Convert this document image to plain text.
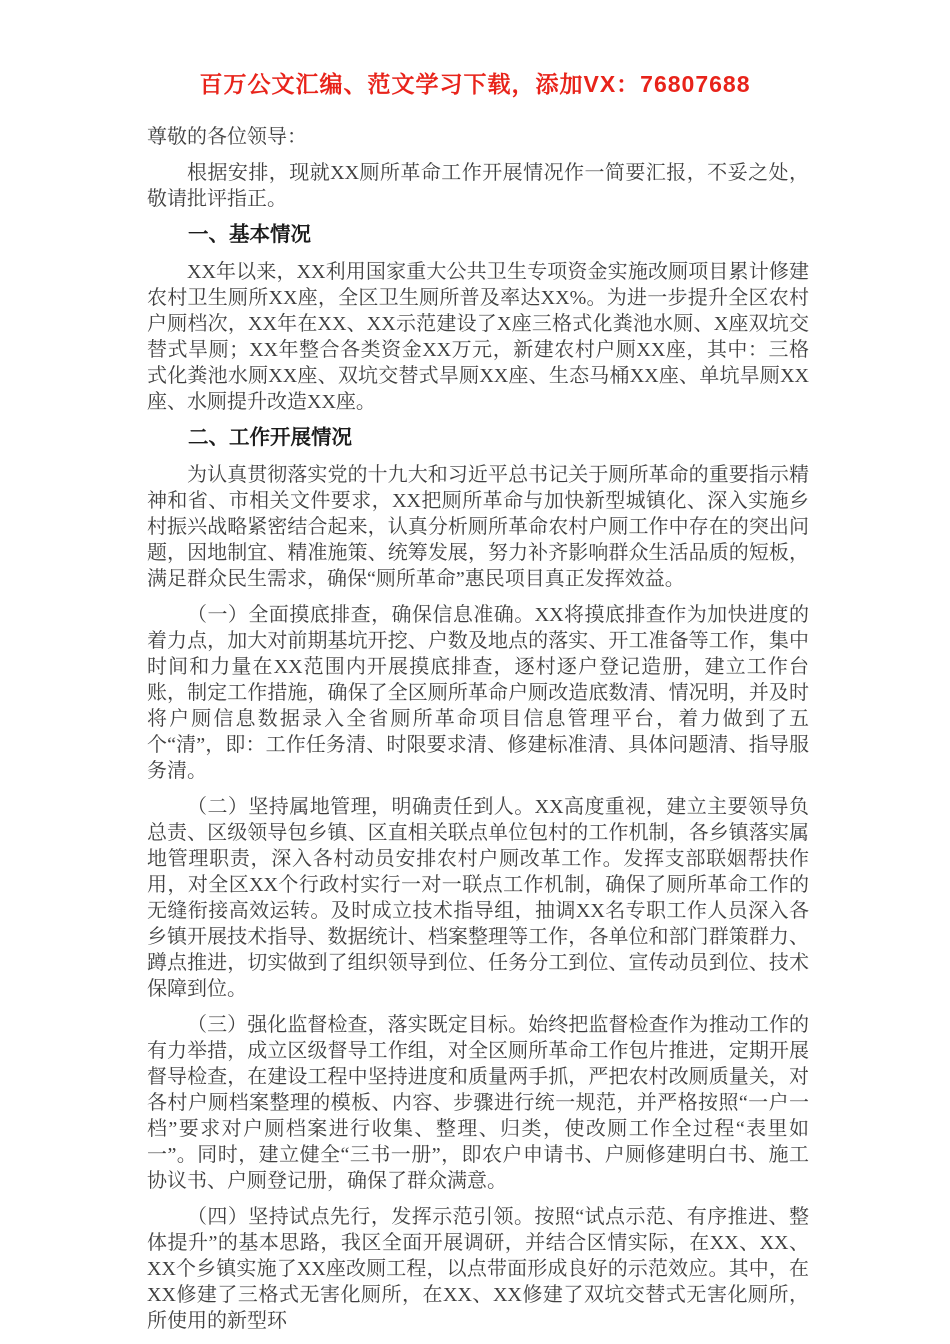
百万公文汇编、范文学习下载，添加VX：76807688

尊敬的各位领导：

根据安排，现就XX厕所革命工作开展情况作一简要汇报，不妥之处，敬请批评指正。

一、基本情况

XX年以来，XX利用国家重大公共卫生专项资金实施改厕项目累计修建农村卫生厕所XX座，全区卫生厕所普及率达XX%。为进一步提升全区农村户厕档次，XX年在XX、XX示范建设了X座三格式化粪池水厕、X座双坑交替式旱厕；XX年整合各类资金XX万元，新建农村户厕XX座，其中：三格式化粪池水厕XX座、双坑交替式旱厕XX座、生态马桶XX座、单坑旱厕XX座、水厕提升改造XX座。

二、工作开展情况

为认真贯彻落实党的十九大和习近平总书记关于厕所革命的重要指示精神和省、市相关文件要求，XX把厕所革命与加快新型城镇化、深入实施乡村振兴战略紧密结合起来，认真分析厕所革命农村户厕工作中存在的突出问题，因地制宜、精准施策、统筹发展，努力补齐影响群众生活品质的短板，满足群众民生需求，确保“厕所革命”惠民项目真正发挥效益。

（一）全面摸底排查，确保信息准确。XX将摸底排查作为加快进度的着力点，加大对前期基坑开挖、户数及地点的落实、开工准备等工作，集中时间和力量在XX范围内开展摸底排查，逐村逐户登记造册，建立工作台账，制定工作措施，确保了全区厕所革命户厕改造底数清、情况明，并及时将户厕信息数据录入全省厕所革命项目信息管理平台，着力做到了五个“清”，即：工作任务清、时限要求清、修建标准清、具体问题清、指导服务清。

（二）坚持属地管理，明确责任到人。XX高度重视，建立主要领导负总责、区级领导包乡镇、区直相关联点单位包村的工作机制，各乡镇落实属地管理职责，深入各村动员安排农村户厕改革工作。发挥支部联姻帮扶作用，对全区XX个行政村实行一对一联点工作机制，确保了厕所革命工作的无缝衔接高效运转。及时成立技术指导组，抽调XX名专职工作人员深入各乡镇开展技术指导、数据统计、档案整理等工作，各单位和部门群策群力、蹲点推进，切实做到了组织领导到位、任务分工到位、宣传动员到位、技术保障到位。

（三）强化监督检查，落实既定目标。始终把监督检查作为推动工作的有力举措，成立区级督导工作组，对全区厕所革命工作包片推进，定期开展督导检查，在建设工程中坚持进度和质量两手抓，严把农村改厕质量关，对各村户厕档案整理的模板、内容、步骤进行统一规范，并严格按照“一户一档”要求对户厕档案进行收集、整理、归类，使改厕工作全过程“表里如一”。同时，建立健全“三书一册”，即农户申请书、户厕修建明白书、施工协议书、户厕登记册，确保了群众满意。

（四）坚持试点先行，发挥示范引领。按照“试点示范、有序推进、整体提升”的基本思路，我区全面开展调研，并结合区情实际，在XX、XX、XX个乡镇实施了XX座改厕工程，以点带面形成良好的示范效应。其中，在XX修建了三格式无害化厕所，在XX、XX修建了双坑交替式无害化厕所，所使用的新型环
